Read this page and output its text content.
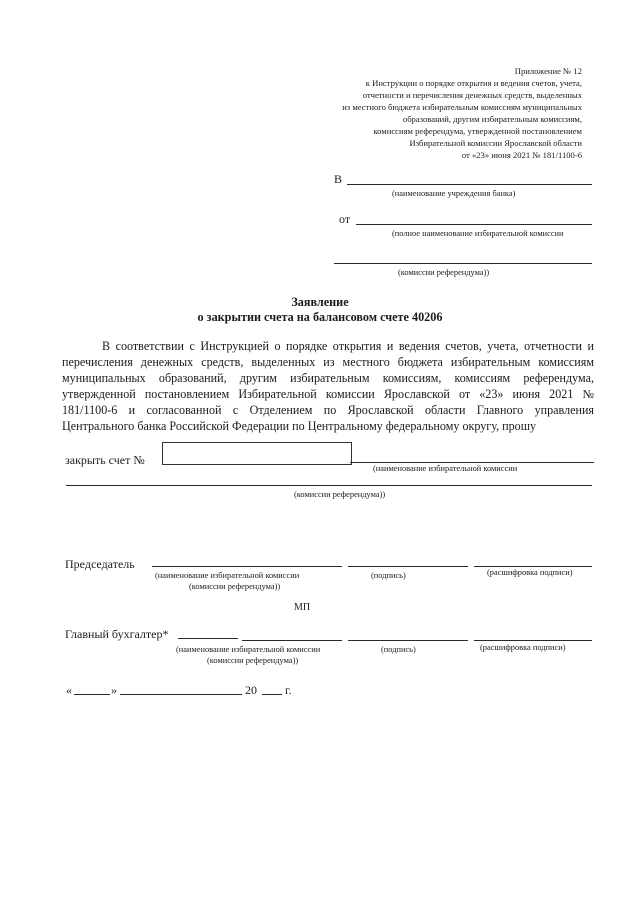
Приложение № 12
к Инструкции о порядке открытия и ведения счетов, учета,
отчетности и перечисления денежных средств, выделенных
из местного бюджета избирательным комиссиям муниципальных
образований, другим избирательным комиссиям,
комиссиям референдума, утвержденной постановлением
Избирательной комиссии Ярославской области
от «23» июня 2021 № 181/1100-6
В
(наименование учреждения банка)
от
(полное наименование избирательной комиссии
(комиссии референдума))
Заявление
о закрытии счета на балансовом счете 40206
В соответствии с Инструкцией о порядке открытия и ведения счетов, учета, отчетности и
перечисления денежных средств, выделенных из местного бюджета избирательным комиссиям
муниципальных образований, другим избирательным комиссиям, комиссиям референдума,
утвержденной постановлением Избирательной комиссии Ярославской от «23» июня 2021 №
181/1100-6 и согласованной с Отделением по Ярославской области Главного управления
Центрального банка Российской Федерации по Центральному федеральному округу, прошу
закрыть счет №
(наименование избирательной комиссии
(комиссии референдума))
Председатель
(наименование избирательной комиссии
(комиссии референдума))
(подпись)	(расшифровка подписи)
МП
Главный бухгалтер*
(наименование избирательной комиссии
(комиссии референдума))
(подпись)	(расшифровка подписи)
«	»	20 г.
